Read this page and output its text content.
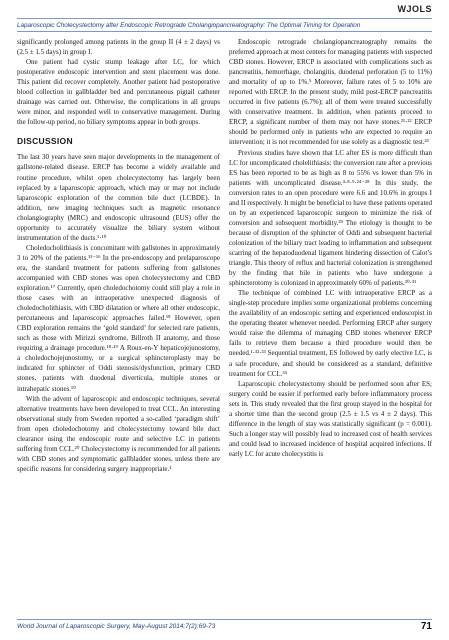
WJOLS
Laparoscopic Cholecystectomy after Endoscopic Retrograde Cholangiopancreatography: The Optimal Timing for Operation

significantly prolonged among patients in the group II (4 ± 2 days) vs (2.5 ± 1.5 days) in group I.

One patient had cystic stump leakage after LC, for which postoperative endoscopic intervention and stent placement was done. This patient did recover completely. Another patient had postoperative blood collection in gallbladder bed and percutaneous pigtail catheter drainage was carried out. Otherwise, the complications in all groups were minor, and responded well to conservative management. During the follow-up period, no biliary symptoms appear in both groups.

DISCUSSION

The last 30 years have seen major developments in the management of gallstone-related disease. ERCP has become a widely available and routine procedure, whilst open cholecystectomy has largely been replaced by a laparoscopic approach, which may or may not include laparoscopic exploration of the common bile duct (LCBDE). In addition, new imaging techniques such as magnetic resonance cholangiography (MRC) and endoscopic ultrasound (EUS) offer the opportunity to accurately visualize the biliary system without instrumentation of the ducts.¹·¹⁰

Choledocholithiasis is concomitant with gallstones in approximately 3 to 20% of the patients.¹¹⁻¹⁶ In the pre-endoscopy and prelaparoscope era, the standard treatment for patients suffering from gallstones accompanied with CBD stones was open cholecystectomy and CBD exploration.¹⁷ Currently, open choledochotomy could still play a role in those cases with an intraoperative unexpected diagnosis of choledocholithiasis, with CBD dilatation or where all other endoscopic, percutaneous and laparoscopic approaches failed.¹⁸ However, open CBD exploration remains the ‘gold standard’ for selected rare patients, such as those with Mirizzi syndrome, Billroth II anatomy, and those requiring a drainage procedure.¹⁸·¹⁹ A Roux-en-Y hepaticojejunostomy, a choledochojejunostomy, or a surgical sphincteroplasty may be indicated for sphincter of Oddi stenosis/dysfunction, primary CBD stones, patients with duodenal diverticula, multiple stones or intrahepatic stones.¹⁰

With the advent of laparoscopic and endoscopic techniques, several alternative treatments have been developed to treat CCL. An interesting observational study from Sweden reported a so-called ‘paradigm shift’ from open choledochotomy and cholecystectomy toward bile duct clearance using the endoscopic route and selective LC in patients suffering from CCL.²⁰ Cholecystectomy is recommended for all patients with CBD stones and symptomatic gallbladder stones, unless there are specific reasons for considering surgery inappropriate.¹

Endoscopic retrograde cholangiopancreatography remains the preferred approach at most centers for managing patients with suspected CBD stones. However, ERCP is associated with complications such as pancreatitis, hemorrhage, cholangitis, duodenal perforation (5 to 11%) and mortality of up to 1%.⁵ Moreover, failure rates of 5 to 10% are reported with ERCP. In the present study, mild post-ERCP pancreatitis occurred in five patients (6.7%); all of them were treated successfully with conservative treatment. In addition, when patients proceed to ERCP, a significant number of them may not have stones.²¹·²² ERCP should be performed only in patients who are expected to require an intervention; it is not recommended for use solely as a diagnostic test.²³

Previous studies have shown that LC after ES is more difficult than LC for uncomplicated cholelithiasis: the conversion rate after a previous ES has been reported to be as high as 8 to 55% vs lower than 5% in patients with uncomplicated disease.⁴·⁸·⁹·²⁴⁻²⁸ In this study, the conversion rates to an open procedure were 6.6 and 10.6% in groups I and II respectively. It might be beneficial to have these patients operated on by an experienced laparoscopic surgeon to minimize the risk of conversion and subsequent morbidity.²⁹ The etiology is thought to be because of disruption of the sphincter of Oddi and subsequent bacterial colonization of the biliary tract leading to inflammation and subsequent scarring of the hepatoduodenal ligament hindering dissection of Calot’s triangle. This theory of reflux and bacterial colonization is strengthened by the finding that bile in patients who have undergone a sphincterotomy is colonized in approximately 60% of patients.³⁰·³¹

The technique of combined LC with intraoperative ERCP as a single-step procedure implies some organizational problems concerning the availability of an endoscopic setting and experienced endoscopist in the operating theater whenever needed. Performing ERCP after surgery would raise the dilemma of managing CBD stones whenever ERCP fails to retrieve them because a third procedure would then be needed.¹·³²·³³ Sequential treatment, ES followed by early elective LC, is a safe procedure, and should be considered as a standard, definitive treatment for CCL.³⁴

Laparoscopic cholecystectomy should be performed soon after ES; surgery could be easier if performed early before inflammatory process sets in. This study revealed that the first group stayed in the hospital for a shorter time than the second group (2.5 ± 1.5 vs 4 ± 2 days). This difference in the length of stay was statistically significant (p = 0.001). Such a longer stay will possibly lead to increased cost of health services and could lead to increased incidence of hospital acquired infections. If early LC for acute cholecystitis is

World Journal of Laparoscopic Surgery, May-August 2014;7(2):69-73	71
